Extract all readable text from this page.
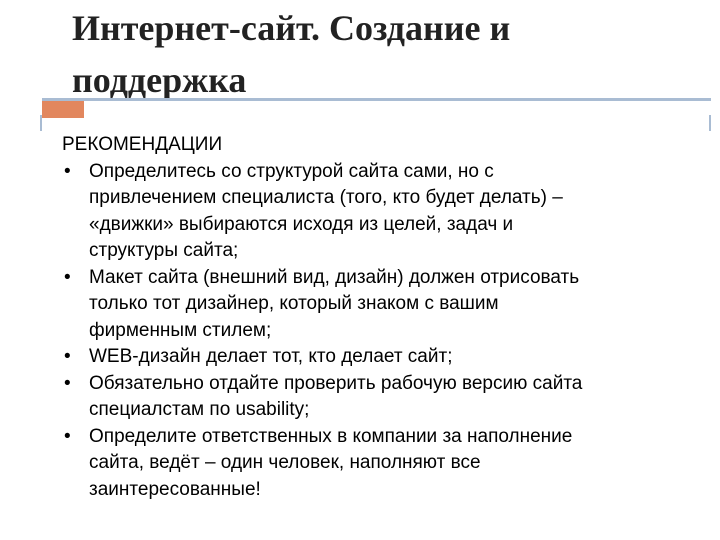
Интернет-сайт. Создание и
поддержка
РЕКОМЕНДАЦИИ
• Определитесь со структурой сайта сами, но с
привлечением специалиста (того, кто будет делать) –
«движки» выбираются исходя из целей, задач и
структуры сайта;
• Макет сайта (внешний вид, дизайн) должен отрисовать
только тот дизайнер, который знаком с вашим
фирменным стилем;
• WEB-дизайн делает тот, кто делает сайт;
• Обязательно отдайте проверить рабочую версию сайта
специалстам по usability;
• Определите ответственных в компании за наполнение
сайта, ведёт – один человек, наполняют все
заинтересованные!
